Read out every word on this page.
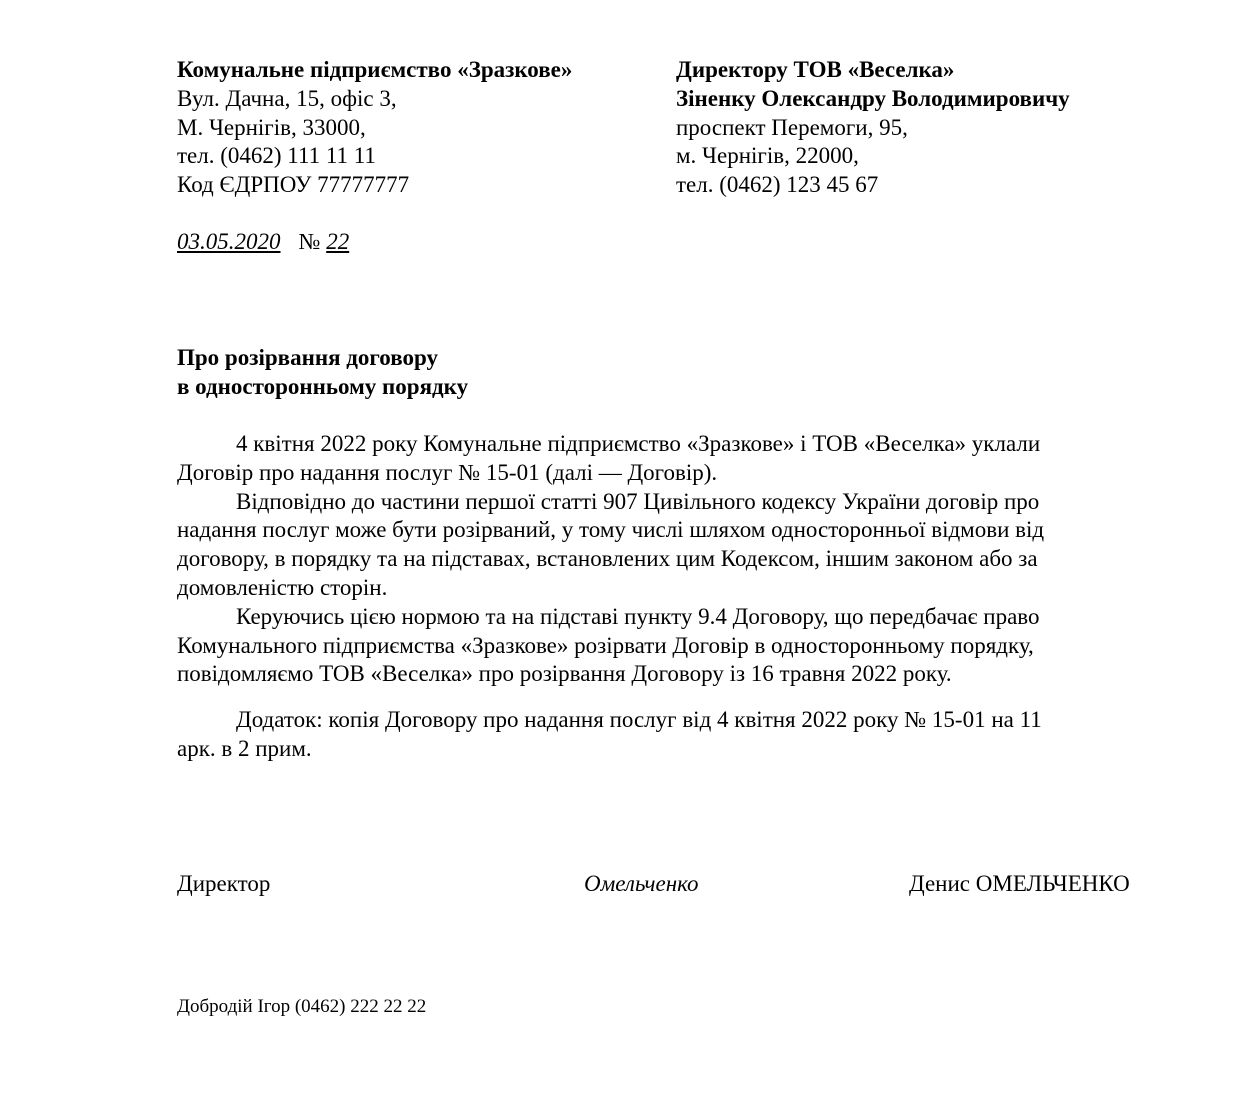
Комунальне підприємство «Зразкове»
Вул. Дачна, 15, офіс 3,
М. Чернігів, 33000,
тел. (0462) 111 11 11
Код ЄДРПОУ 77777777
Директору ТОВ «Веселка»
Зіненку Олександру Володимировичу
проспект Перемоги, 95,
м. Чернігів, 22000,
тел. (0462) 123 45 67
03.05.2020 № 22
Про розірвання договору
в односторонньому порядку
4 квітня 2022 року Комунальне підприємство «Зразкове» і ТОВ «Веселка» уклали
Договір про надання послуг № 15-01 (далі — Договір).
Відповідно до частини першої статті 907 Цивільного кодексу України договір про
надання послуг може бути розірваний, у тому числі шляхом односторонньої відмови від
договору, в порядку та на підставах, встановлених цим Кодексом, іншим законом або за
домовленістю сторін.
Керуючись цією нормою та на підставі пункту 9.4 Договору, що передбачає право
Комунального підприємства «Зразкове» розірвати Договір в односторонньому порядку,
повідомляємо ТОВ «Веселка» про розірвання Договору із 16 травня 2022 року.
Додаток: копія Договору про надання послуг від 4 квітня 2022 року № 15-01 на 11
арк. в 2 прим.
Директор	Омельченко	Денис ОМЕЛЬЧЕНКО
Добродій Ігор (0462) 222 22 22
